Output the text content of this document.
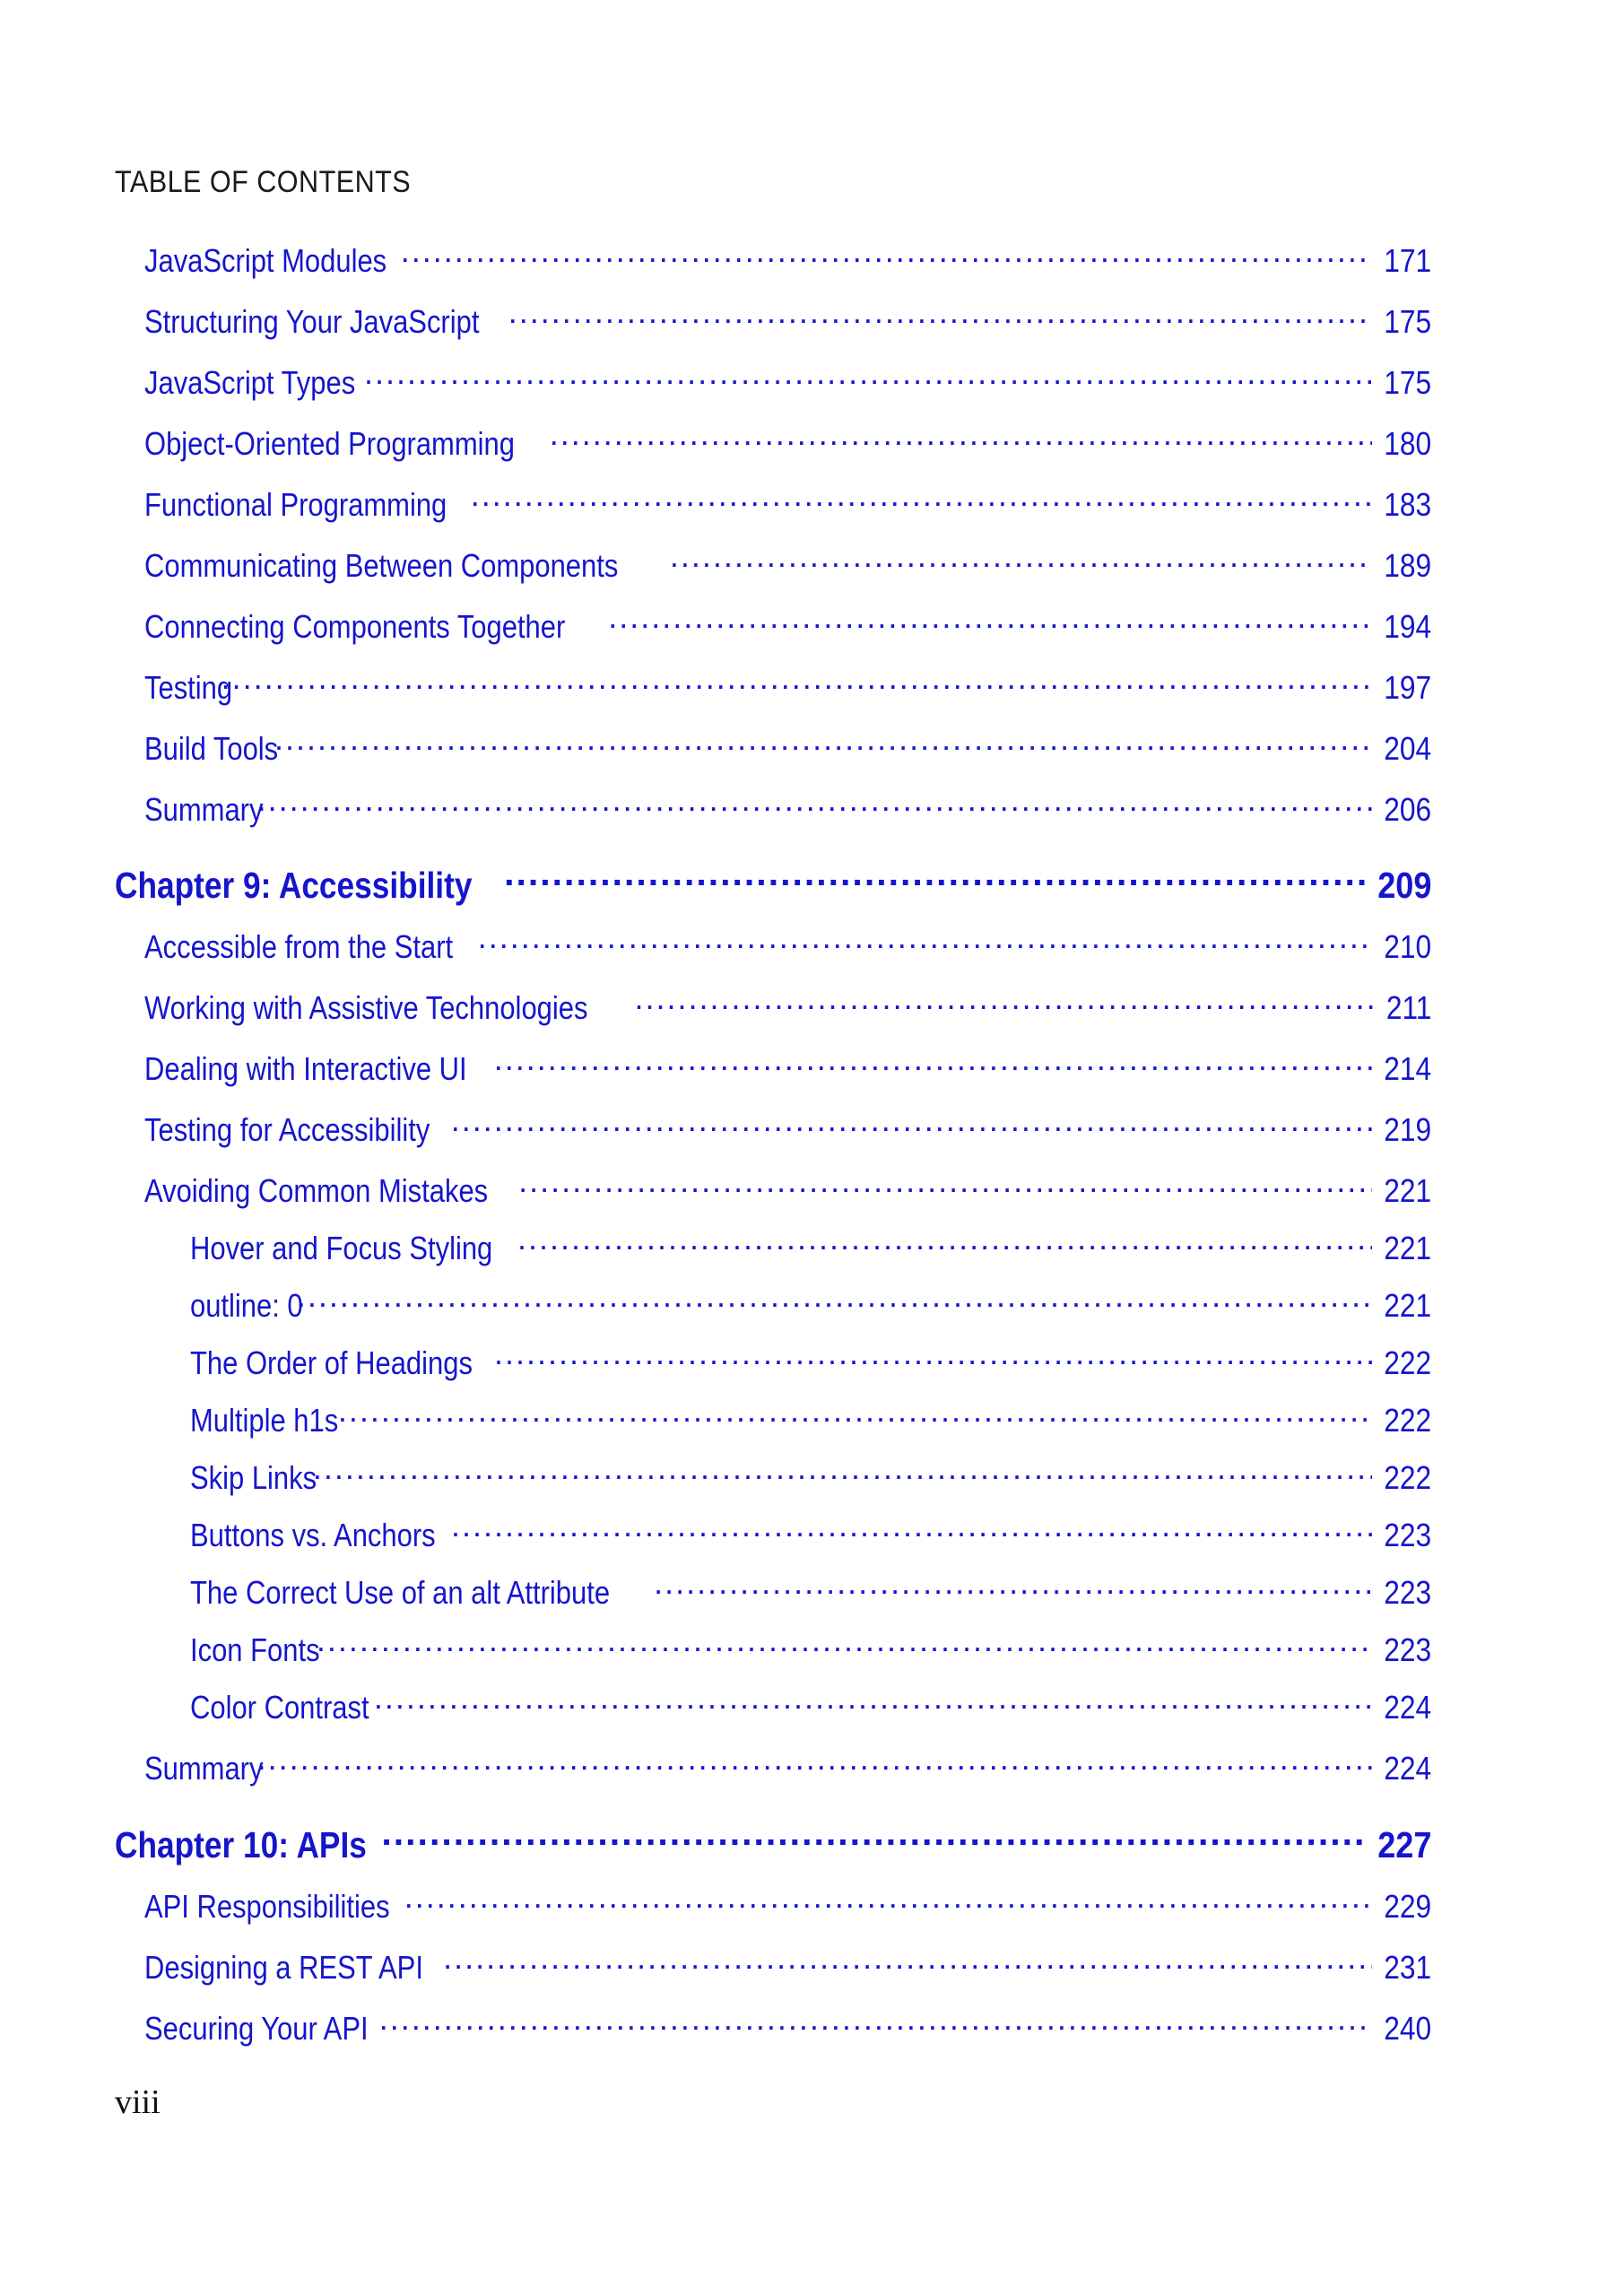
TABLE OF CONTENTS
JavaScript Modules .....	171
Structuring Your JavaScript .....	175
JavaScript Types .....	175
Object-Oriented Programming .....	180
Functional Programming .....	183
Communicating Between Components .....	189
Connecting Components Together .....	194
Testing .....	197
Build Tools .....	204
Summary .....	206
Chapter 9: Accessibility .....	209
Accessible from the Start .....	210
Working with Assistive Technologies .....	211
Dealing with Interactive UI .....	214
Testing for Accessibility .....	219
Avoiding Common Mistakes .....	221
Hover and Focus Styling .....	221
outline: 0 .....	221
The Order of Headings .....	222
Multiple h1s .....	222
Skip Links .....	222
Buttons vs. Anchors .....	223
The Correct Use of an alt Attribute .....	223
Icon Fonts .....	223
Color Contrast .....	224
Summary .....	224
Chapter 10: APIs .....	227
API Responsibilities .....	229
Designing a REST API .....	231
Securing Your API .....	240
viii
